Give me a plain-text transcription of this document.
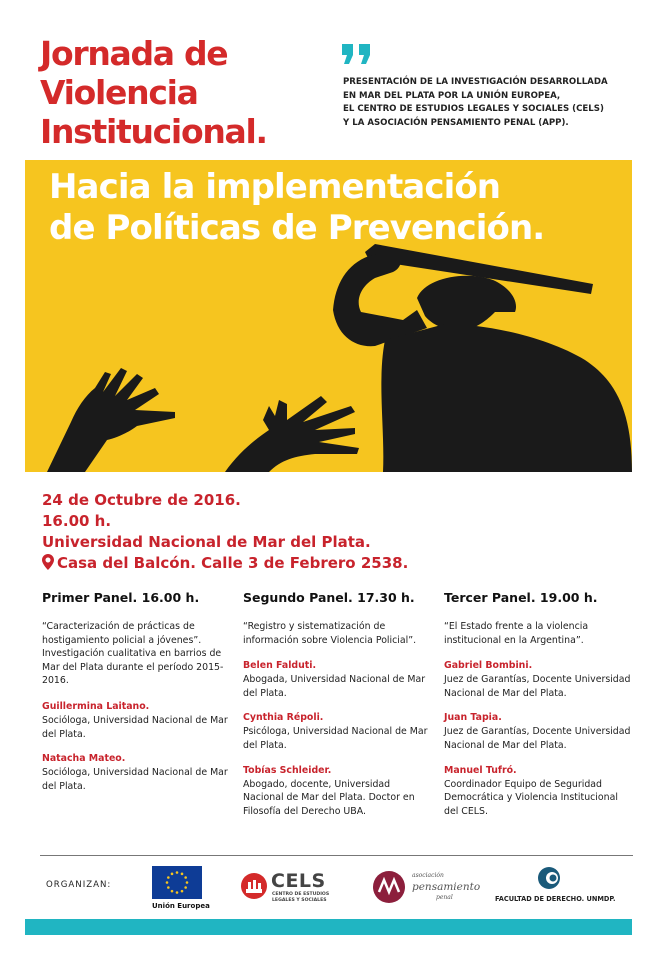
Jornada de
Violencia
Institucional.
PRESENTACIÓN DE LA INVESTIGACIÓN DESARROLLADA
EN MAR DEL PLATA POR LA UNIÓN EUROPEA,
EL CENTRO DE ESTUDIOS LEGALES Y SOCIALES (CELS)
Y LA ASOCIACIÓN PENSAMIENTO PENAL (APP).
Hacia la implementación
de Políticas de Prevención.
24 de Octubre de 2016.
16.00 h.
Universidad Nacional de Mar del Plata.
Casa del Balcón. Calle 3 de Febrero 2538.
Primer Panel. 16.00 h.
“Caracterización de prácticas de hostigamiento policial a jóvenes”. Investigación cualitativa en barrios de Mar del Plata durante el período 2015-2016.
Guillermina Laitano.
Socióloga, Universidad Nacional de Mar del Plata.
Natacha Mateo.
Socióloga, Universidad Nacional de Mar del Plata.
Segundo Panel. 17.30 h.
“Registro y sistematización de información sobre Violencia Policial”.
Belen Falduti.
Abogada, Universidad Nacional de Mar del Plata.
Cynthia Répoli.
Psicóloga, Universidad Nacional de Mar del Plata.
Tobías Schleider.
Abogado, docente, Universidad Nacional de Mar del Plata. Doctor en Filosofía del Derecho UBA.
Tercer Panel. 19.00 h.
“El Estado frente a la violencia institucional en la Argentina”.
Gabriel Bombini.
Juez de Garantías, Docente Universidad Nacional de Mar del Plata.
Juan Tapia.
Juez de Garantías, Docente Universidad Nacional de Mar del Plata.
Manuel Tufró.
Coordinador Equipo de Seguridad Democrática y Violencia Institucional del CELS.
ORGANIZAN:
Unión Europea
CELS
CENTRO DE ESTUDIOS LEGALES Y SOCIALES
asociación
pensamiento
penal	FACULTAD DE DERECHO. UNMDP.
